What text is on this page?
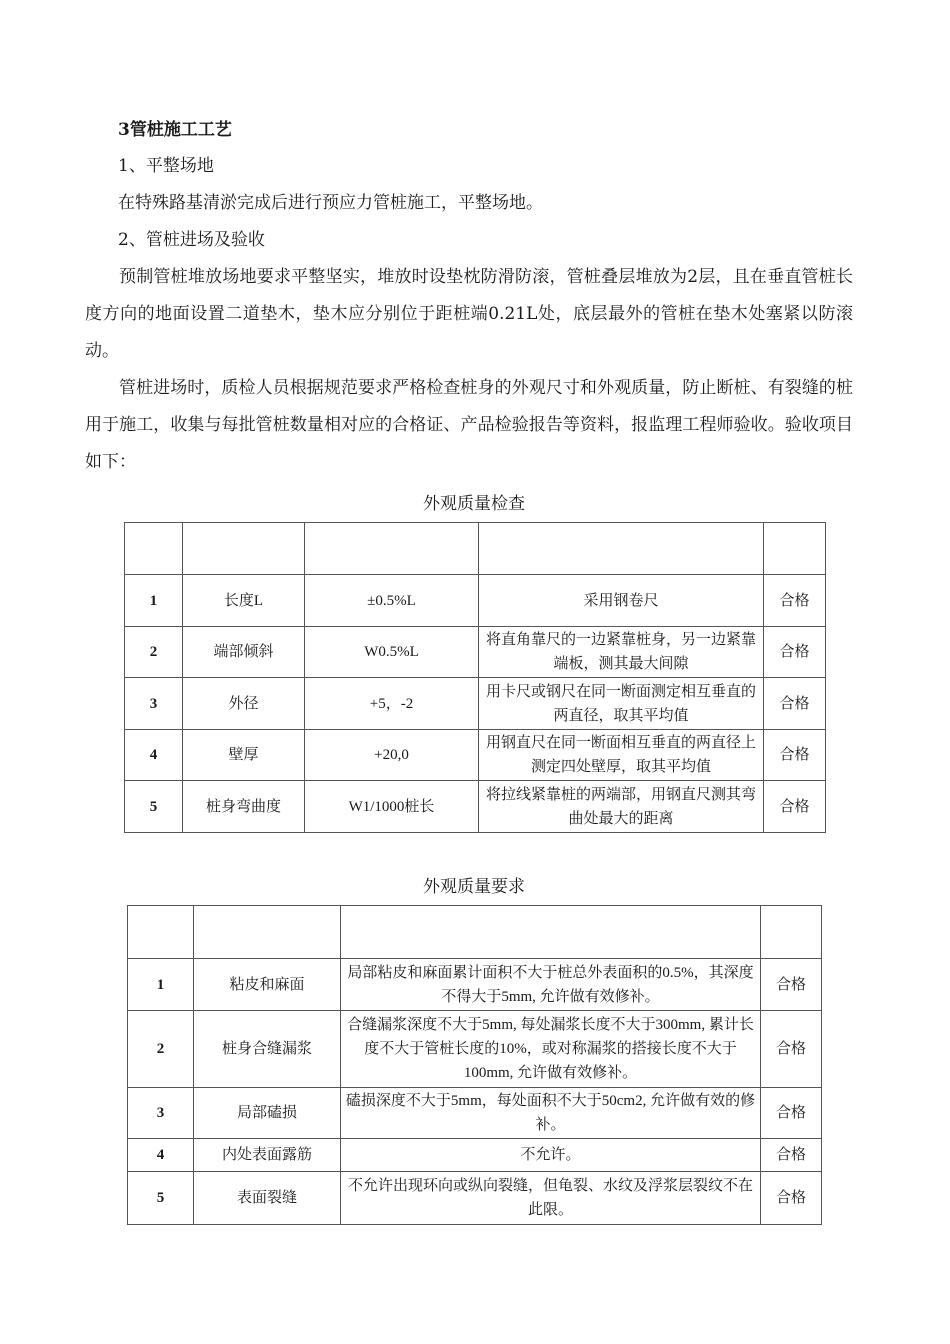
3管桩施工工艺
1、平整场地
在特殊路基清淤完成后进行预应力管桩施工，平整场地。
2、管桩进场及验收

预制管桩堆放场地要求平整坚实，堆放时设垫枕防滑防滚，管桩叠层堆放为2层，且在垂直管桩长度方向的地面设置二道垫木，垫木应分别位于距桩端0.21L处，底层最外的管桩在垫木处塞紧以防滚动。

管桩进场时，质检人员根据规范要求严格检查桩身的外观尺寸和外观质量，防止断桩、有裂缝的桩用于施工，收集与每批管桩数量相对应的合格证、产品检验报告等资料，报监理工程师验收。验收项目如下：

外观质量检查

1	长度L	±0.5%L	采用钢卷尺	合格
2	端部倾斜	W0.5%L	将直角靠尺的一边紧靠桩身，另一边紧靠端板，测其最大间隙	合格
3	外径	+5，-2	用卡尺或钢尺在同一断面测定相互垂直的两直径，取其平均值	合格
4	壁厚	+20,0	用钢直尺在同一断面相互垂直的两直径上测定四处壁厚，取其平均值	合格
5	桩身弯曲度	W1/1000桩长	将拉线紧靠桩的两端部，用钢直尺测其弯曲处最大的距离	合格
外观质量要求

1	粘皮和麻面	局部粘皮和麻面累计面积不大于桩总外表面积的0.5%，其深度不得大于5mm, 允许做有效修补。	合格
2	桩身合缝漏浆	合缝漏浆深度不大于5mm, 每处漏浆长度不大于300mm, 累计长度不大于管桩长度的10%，或对称漏浆的搭接长度不大于100mm, 允许做有效修补。	合格
3	局部磕损	磕损深度不大于5mm，每处面积不大于50cm2, 允许做有效的修补。	合格
4	内处表面露筋	不允许。	合格
5	表面裂缝	不允许出现环向或纵向裂缝，但龟裂、水纹及浮浆层裂纹不在此限。	合格
